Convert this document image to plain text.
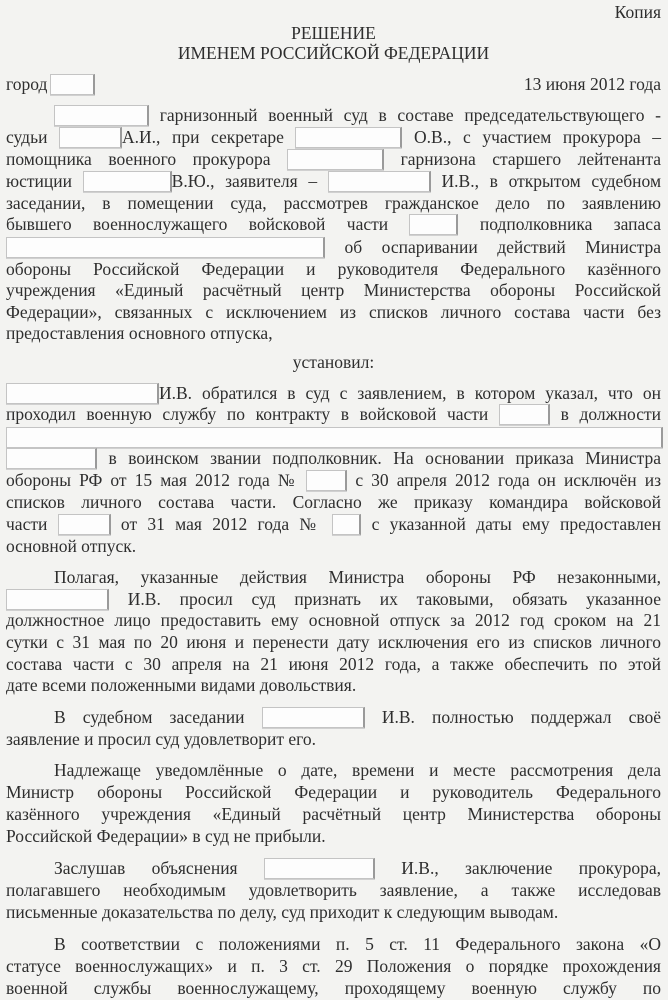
Копия
РЕШЕНИЕ
ИМЕНЕМ РОССИЙСКОЙ ФЕДЕРАЦИИ
город	13 июня 2012 года
гарнизонный военный суд в составе председательствующего -
судьи	А.И., при секретаре	О.В., с участием прокурора –
помощника военного прокурора	гарнизона старшего лейтенанта
юстиции	В.Ю., заявителя –	И.В., в открытом судебном
заседании, в помещении суда, рассмотрев гражданское дело по заявлению
бывшего военнослужащего войсковой части	подполковника запаса
об оспаривании действий Министра
обороны Российской Федерации и руководителя Федерального казённого
учреждения «Единый расчётный центр Министерства обороны Российской
Федерации», связанных с исключением из списков личного состава части без
предоставления основного отпуска,
установил:
И.В. обратился в суд с заявлением, в котором указал, что он
проходил военную службу по контракту в войсковой части	в должности
в воинском звании подполковник. На основании приказа Министра
обороны РФ от 15 мая 2012 года №	с 30 апреля 2012 года он исключён из
списков личного состава части. Согласно же приказу командира войсковой
части	от 31 мая 2012 года №	с указанной даты ему предоставлен
основной отпуск.
Полагая, указанные действия Министра обороны РФ незаконными,
И.В. просил суд признать их таковыми, обязать указанное
должностное лицо предоставить ему основной отпуск за 2012 год сроком на 21
сутки с 31 мая по 20 июня и перенести дату исключения его из списков личного
состава части с 30 апреля на 21 июня 2012 года, а также обеспечить по этой
дате всеми положенными видами довольствия.
В судебном заседании	И.В. полностью поддержал своё
заявление и просил суд удовлетворит его.
Надлежаще уведомлённые о дате, времени и месте рассмотрения дела
Министр обороны Российской Федерации и руководитель Федерального
казённого учреждения «Единый расчётный центр Министерства обороны
Российской Федерации» в суд не прибыли.
Заслушав объяснения	И.В., заключение прокурора,
полагавшего необходимым удовлетворить заявление, а также исследовав
письменные доказательства по делу, суд приходит к следующим выводам.
В соответствии с положениями п. 5 ст. 11 Федерального закона «О
статусе военнослужащих» и п. 3 ст. 29 Положения о порядке прохождения
военной службы военнослужащему, проходящему военную службу по
